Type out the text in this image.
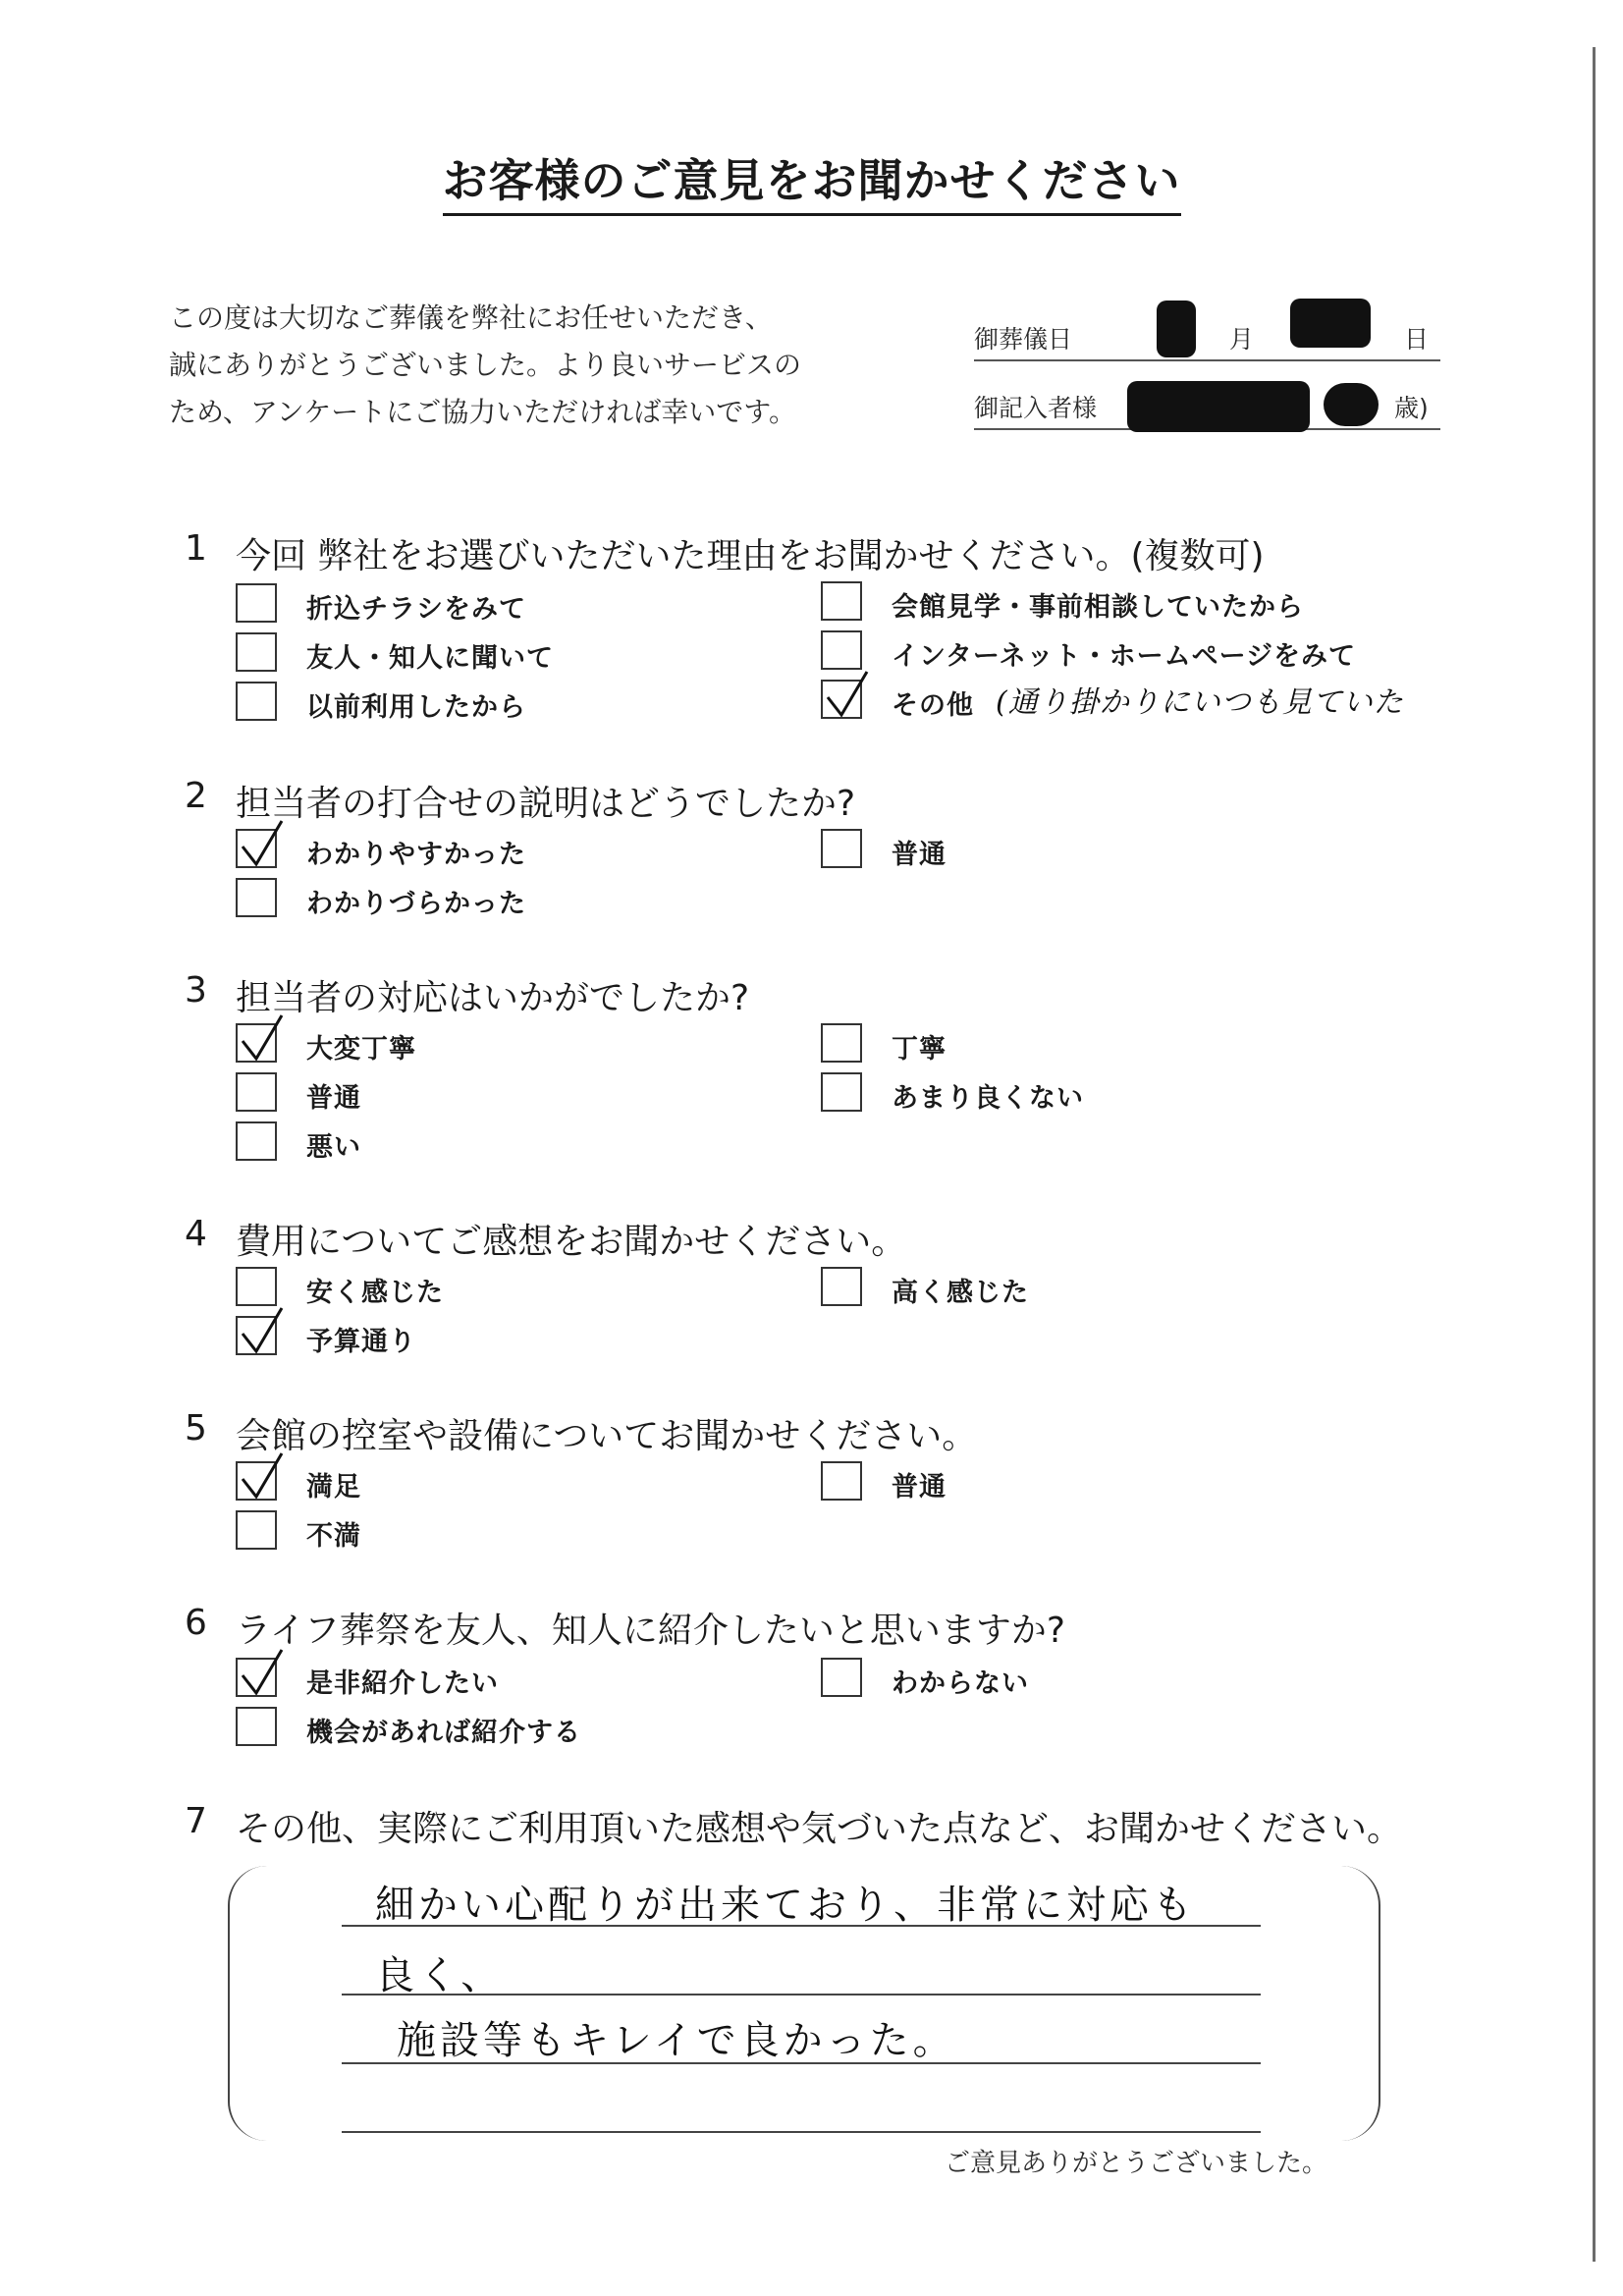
お客様のご意見をお聞かせください
この度は大切なご葬儀を弊社にお任せいただき、
誠にありがとうございました。より良いサービスの
ため、アンケートにご協力いただければ幸いです。
御葬儀日	月	日
御記入者様	歳)
1 今回 弊社をお選びいただいた理由をお聞かせください。(複数可)
折込チラシをみて	会館見学・事前相談していたから
友人・知人に聞いて	インターネット・ホームページをみて
以前利用したから	その他 (通り掛かりにいつも見ていた
2 担当者の打合せの説明はどうでしたか?
わかりやすかった	普通
わかりづらかった
3 担当者の対応はいかがでしたか?
大変丁寧	丁寧
普通	あまり良くない
悪い
4 費用についてご感想をお聞かせください。
安く感じた	高く感じた
予算通り
5 会館の控室や設備についてお聞かせください。
満足	普通
不満
6 ライフ葬祭を友人、知人に紹介したいと思いますか?
是非紹介したい	わからない
機会があれば紹介する
7 その他、実際にご利用頂いた感想や気づいた点など、お聞かせください。
細かい心配りが出来ており、非常に対応も
良く、
施設等もキレイで良かった。
ご意見ありがとうございました。
